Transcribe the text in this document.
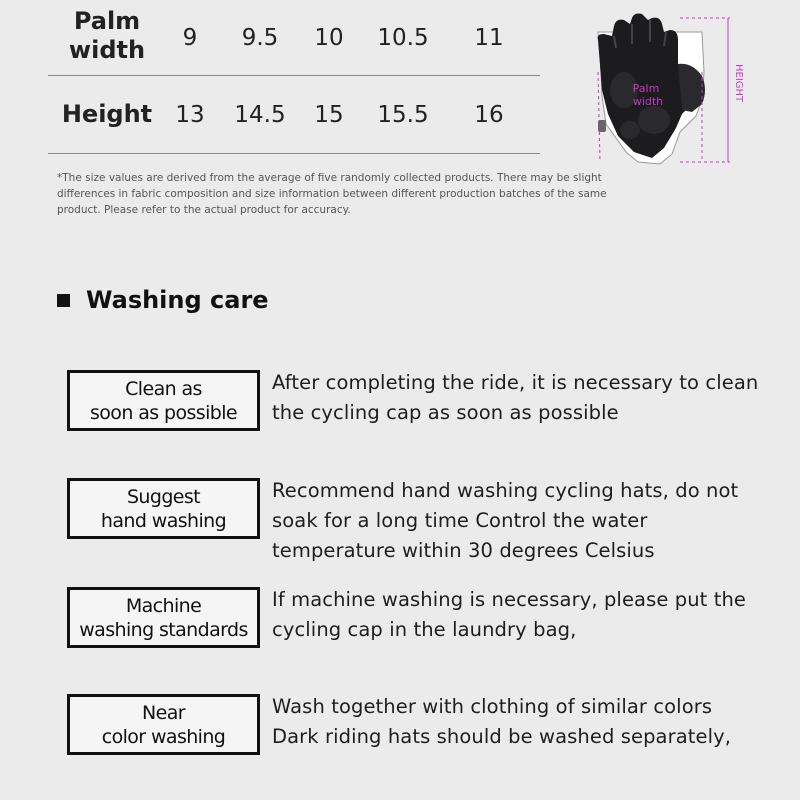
Palm
width	9 9.5 10 10.5 11
Height	13 14.5 15 15.5 16

*The size values are derived from the average of five randomly collected products. There may be slight differences in fabric composition and size information between different production batches of the same product. Please refer to the actual product for accuracy.

Palm
width	HEIGHT
Washing care
Clean as
soon as possible

After completing the ride, it is necessary to clean
the cycling cap as soon as possible

Suggest
hand washing

Recommend hand washing cycling hats, do not
soak for a long time Control the water
temperature within 30 degrees Celsius

Machine
washing standards

If machine washing is necessary, please put the
cycling cap in the laundry bag,

Near
color washing

Wash together with clothing of similar colors
Dark riding hats should be washed separately,
